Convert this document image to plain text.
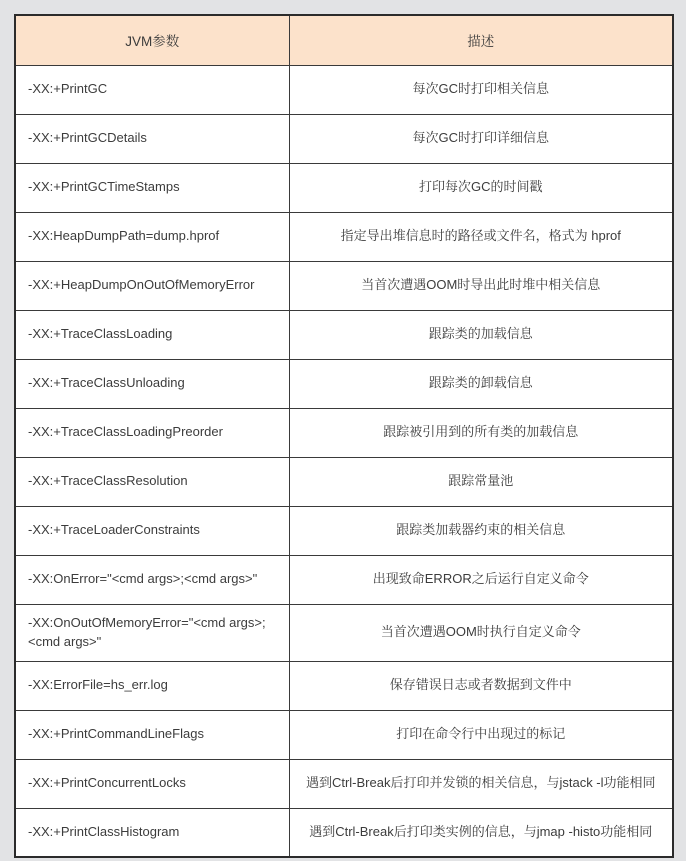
JVM参数	描述
-XX:+PrintGC	每次GC时打印相关信息
-XX:+PrintGCDetails	每次GC时打印详细信息
-XX:+PrintGCTimeStamps	打印每次GC的时间戳
-XX:HeapDumpPath=dump.hprof	指定导出堆信息时的路径或文件名，格式为 hprof
-XX:+HeapDumpOnOutOfMemoryError	当首次遭遇OOM时导出此时堆中相关信息
-XX:+TraceClassLoading	跟踪类的加载信息
-XX:+TraceClassUnloading	跟踪类的卸载信息
-XX:+TraceClassLoadingPreorder	跟踪被引用到的所有类的加载信息
-XX:+TraceClassResolution	跟踪常量池
-XX:+TraceLoaderConstraints	跟踪类加载器约束的相关信息
-XX:OnError="<cmd args>;<cmd args>"	出现致命ERROR之后运行自定义命令
-XX:OnOutOfMemoryError="<cmd args>;<cmd args>"	当首次遭遇OOM时执行自定义命令
-XX:ErrorFile=hs_err.log	保存错误日志或者数据到文件中
-XX:+PrintCommandLineFlags	打印在命令行中出现过的标记
-XX:+PrintConcurrentLocks	遇到Ctrl-Break后打印并发锁的相关信息，与jstack -l功能相同
-XX:+PrintClassHistogram	遇到Ctrl-Break后打印类实例的信息，与jmap -histo功能相同
